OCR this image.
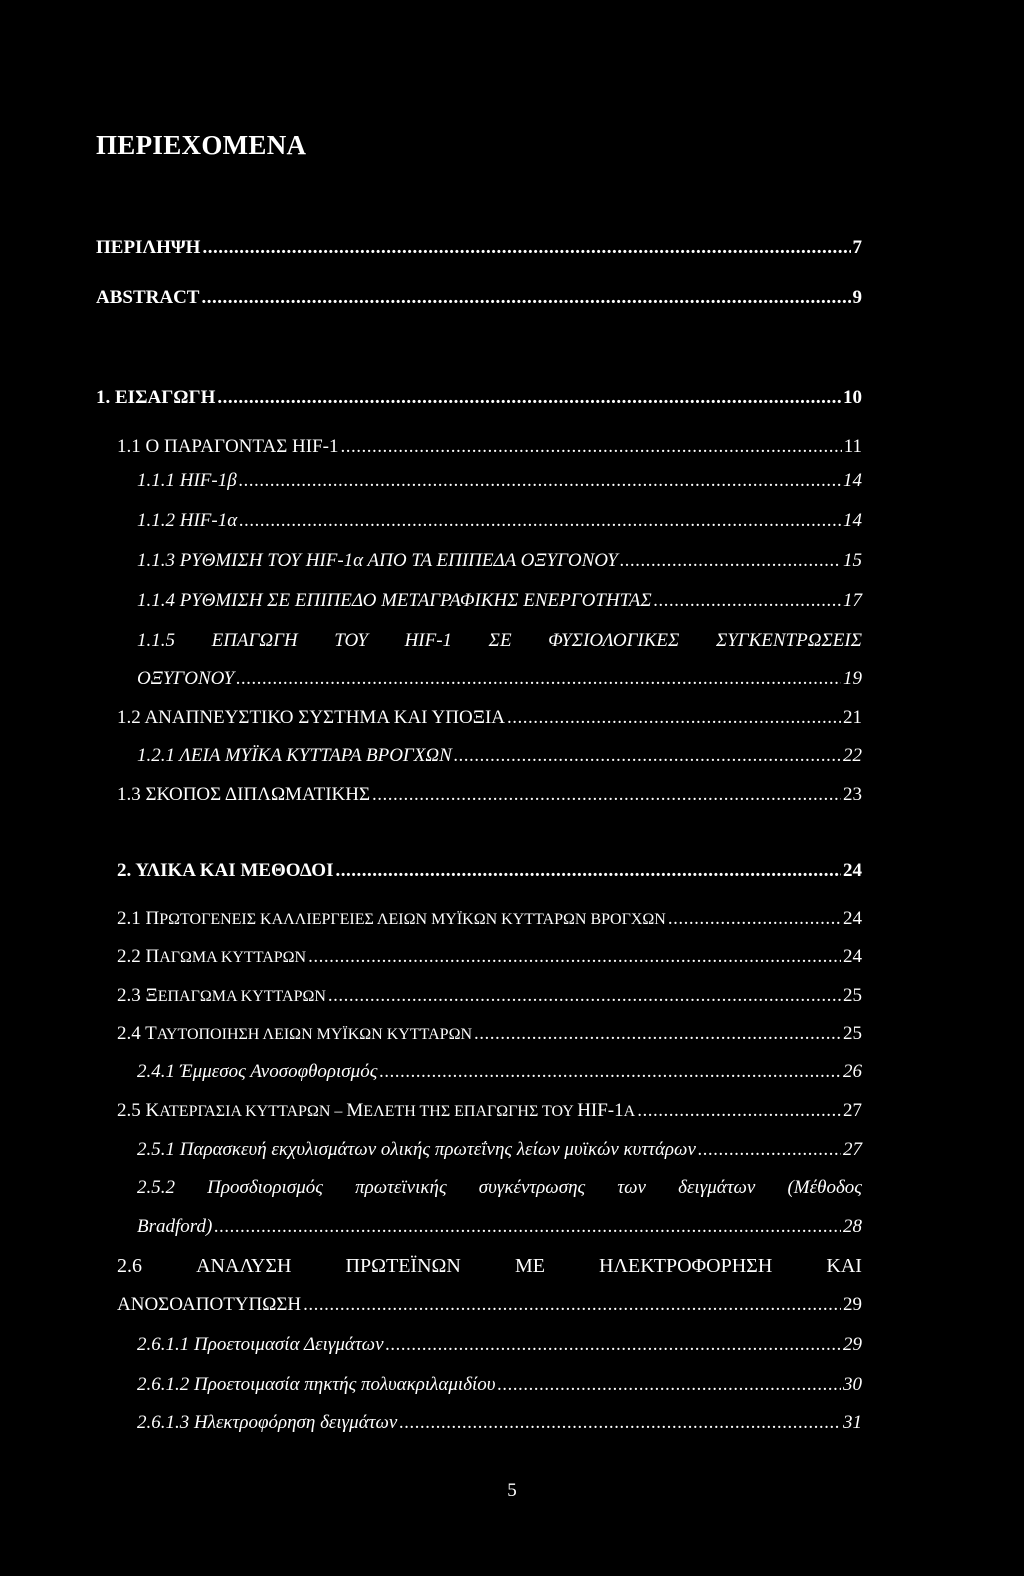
ΠΕΡΙΕΧΟΜΕΝΑ
ΠΕΡΙΛΗΨΗ .....	7
ABSTRACT .....	9
1. ΕΙΣΑΓΩΓΗ .....	10
1.1 Ο ΠΑΡΑΓΟΝΤΑΣ HIF-1 .....	11
1.1.1 HIF-1β .....	14
1.1.2 HIF-1α .....	14
1.1.3 ΡΥΘΜΙΣΗ ΤΟΥ HIF-1α ΑΠΟ ΤΑ ΕΠΙΠΕΔΑ ΟΞΥΓΟΝΟΥ .....	15
1.1.4 ΡΥΘΜΙΣΗ ΣΕ ΕΠΙΠΕΔΟ ΜΕΤΑΓΡΑΦΙΚΗΣ ΕΝΕΡΓΟΤΗΤΑΣ .....	17
1.1.5 ΕΠΑΓΩΓΗ ΤΟΥ HIF-1 ΣΕ ΦΥΣΙΟΛΟΓΙΚΕΣ ΣΥΓΚΕΝΤΡΩΣΕΙΣ
ΟΞΥΓΟΝΟΥ .....	19
1.2 ΑΝΑΠΝΕΥΣΤΙΚΟ ΣΥΣΤΗΜΑ ΚΑΙ ΥΠΟΞΙΑ .....	21
1.2.1 ΛΕΙΑ ΜΥΪΚΑ ΚΥΤΤΑΡΑ ΒΡΟΓΧΩΝ .....	22
1.3 ΣΚΟΠΟΣ ΔΙΠΛΩΜΑΤΙΚΗΣ .....	23
2. ΥΛΙΚΑ ΚΑΙ ΜΕΘΟΔΟΙ .....	24
2.1 ΠΡΩΤΟΓΕΝΕΙΣ ΚΑΛΛΙΕΡΓΕΙΕΣ ΛΕΙΩΝ ΜΥΪΚΩΝ ΚΥΤΤΑΡΩΝ ΒΡΟΓΧΩΝ .....	24
2.2 ΠΑΓΩΜΑ ΚΥΤΤΑΡΩΝ .....	24
2.3 ΞΕΠΑΓΩΜΑ ΚΥΤΤΑΡΩΝ .....	25
2.4 ΤΑΥΤΟΠΟΙΗΣΗ ΛΕΙΩΝ ΜΥΪΚΩΝ ΚΥΤΤΑΡΩΝ .....	25
2.4.1 Έμμεσος Ανοσοφθορισμός .....	26
2.5 ΚΑΤΕΡΓΑΣΙΑ ΚΥΤΤΑΡΩΝ – ΜΕΛΕΤΗ ΤΗΣ ΕΠΑΓΩΓΗΣ ΤΟΥ HIF-1Α .....	27
2.5.1 Παρασκευή εκχυλισμάτων ολικής πρωτεΐνης λείων μυϊκών κυττάρων .....	27
2.5.2 Προσδιορισμός πρωτεϊνικής συγκέντρωσης των δειγμάτων (Μέθοδος
Bradford) .....	28
2.6	ΑΝΑΛΥΣΗ	ΠΡΩΤΕΪΝΩΝ	ΜΕ	ΗΛΕΚΤΡΟΦΟΡΗΣΗ	ΚΑΙ
ΑΝΟΣΟΑΠΟΤΥΠΩΣΗ .....	29
2.6.1.1 Προετοιμασία Δειγμάτων .....	29
2.6.1.2 Προετοιμασία πηκτής πολυακριλαμιδίου .....	30
2.6.1.3 Ηλεκτροφόρηση δειγμάτων .....	31
5
